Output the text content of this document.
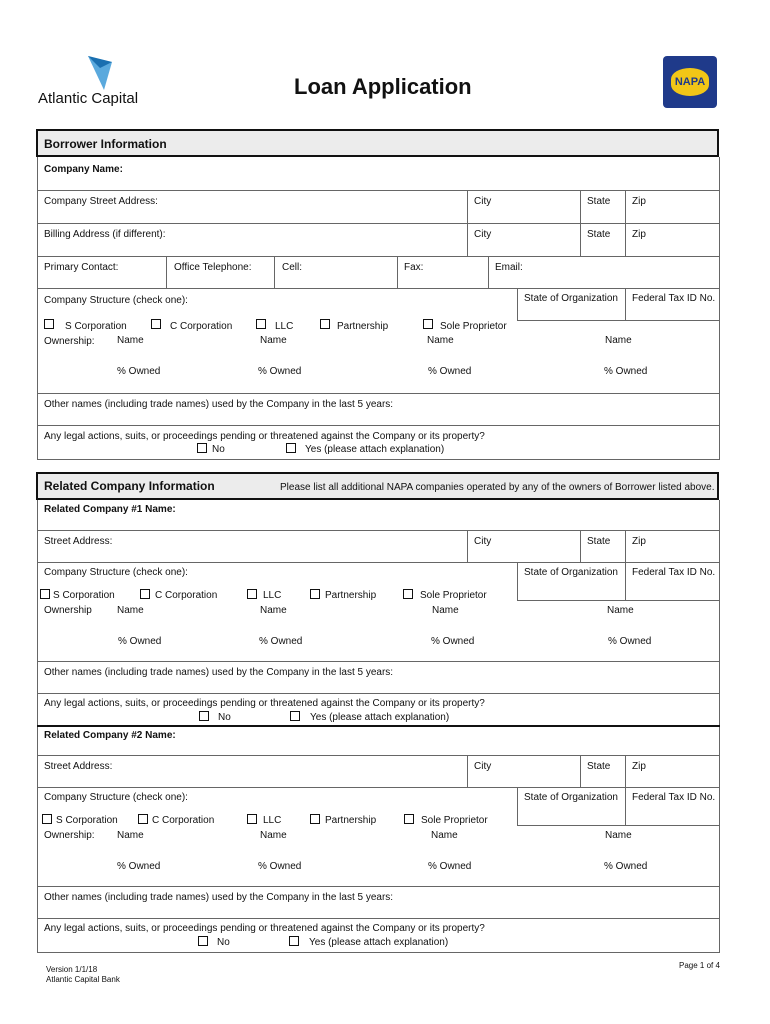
Atlantic Capital	Loan Application	NAPA
Borrower Information
Company Name:
Company Street Address:	City	State Zip
Billing Address (if different):	City	State Zip
Primary Contact:	Office Telephone:	Cell:	Fax:	Email:
Company Structure (check one):	State of Organization Federal Tax ID No.
S Corporation	C Corporation	LLC	Partnership	Sole Proprietor
Ownership: Name	Name	Name	Name
% Owned	% Owned	% Owned	% Owned
Other names (including trade names) used by the Company in the last 5 years:
Any legal actions, suits, or proceedings pending or threatened against the Company or its property?
No	Yes (please attach explanation)
Related Company Information	Please list all additional NAPA companies operated by any of the owners of Borrower listed above.
Related Company #1 Name:
Street Address:	City	State Zip
Company Structure (check one):	State of Organization Federal Tax ID No.
S Corporation	C Corporation	LLC	Partnership	Sole Proprietor
Ownership	Name	Name	Name	Name
% Owned	% Owned	% Owned	% Owned
Other names (including trade names) used by the Company in the last 5 years:
Any legal actions, suits, or proceedings pending or threatened against the Company or its property?
No	Yes (please attach explanation)
Related Company #2 Name:
Street Address:	City	State Zip
Company Structure (check one):	State of Organization Federal Tax ID No.
S Corporation	C Corporation	LLC	Partnership	Sole Proprietor
Ownership: Name	Name	Name	Name
% Owned	% Owned	% Owned	% Owned
Other names (including trade names) used by the Company in the last 5 years:
Any legal actions, suits, or proceedings pending or threatened against the Company or its property?
No	Yes (please attach explanation)
Version 1/1/18
Atlantic Capital Bank
Page 1 of 4
